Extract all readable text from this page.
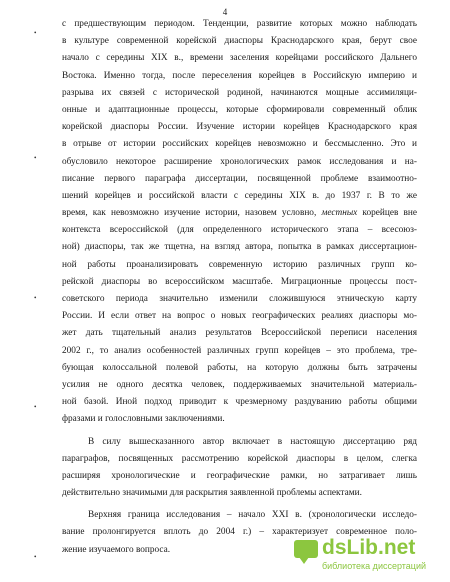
4
•
•
•
•
•

с предшествующим периодом. Тенденции, развитие которых можно наблюдать
в культуре современной корейской диаспоры Краснодарского края, берут свое
начало с середины XIX в., времени заселения корейцами российского Дальнего
Востока. Именно тогда, после переселения корейцев в Российскую империю и
разрыва их связей с исторической родиной, начинаются мощные ассимиляци-
онные и адаптационные процессы, которые сформировали современный облик
корейской диаспоры России. Изучение истории корейцев Краснодарского края
в отрыве от истории российских корейцев невозможно и бессмысленно. Это и
обусловило некоторое расширение хронологических рамок исследования и на-
писание первого параграфа диссертации, посвященной проблеме взаимоотно-
шений корейцев и российской власти с середины XIX в. до 1937 г. В то же
время, как невозможно изучение истории, назовем условно, местных корейцев вне
контекста всероссийской (для определенного исторического этапа – всесоюз-
ной) диаспоры, так же тщетна, на взгляд автора, попытка в рамках диссертацион-
ной работы проанализировать современную историю различных групп ко-
рейской диаспоры во всероссийском масштабе. Миграционные процессы пост-
советского периода значительно изменили сложившуюся этническую карту
России. И если ответ на вопрос о новых географических реалиях диаспоры мо-
жет дать тщательный анализ результатов Всероссийской переписи населения
2002 г., то анализ особенностей различных групп корейцев – это проблема, тре-
бующая колоссальной полевой работы, на которую должны быть затрачены
усилия не одного десятка человек, поддерживаемых значительной материаль-
ной базой. Иной подход приводит к чрезмерному раздуванию работы общими
фразами и голословными заключениями.

В силу вышесказанного автор включает в настоящую диссертацию ряд
параграфов, посвященных рассмотрению корейской диаспоры в целом, слегка
расширяя хронологические и географические рамки, но затрагивает лишь
действительно значимыми для раскрытия заявленной проблемы аспектами.

Верхняя граница исследования – начало XXI в. (хронологически исследо-
вание пролонгируется вплоть до 2004 г.) – характеризует современное поло-
жение изучаемого вопроса.	dsLib.net
библиотека диссертаций
